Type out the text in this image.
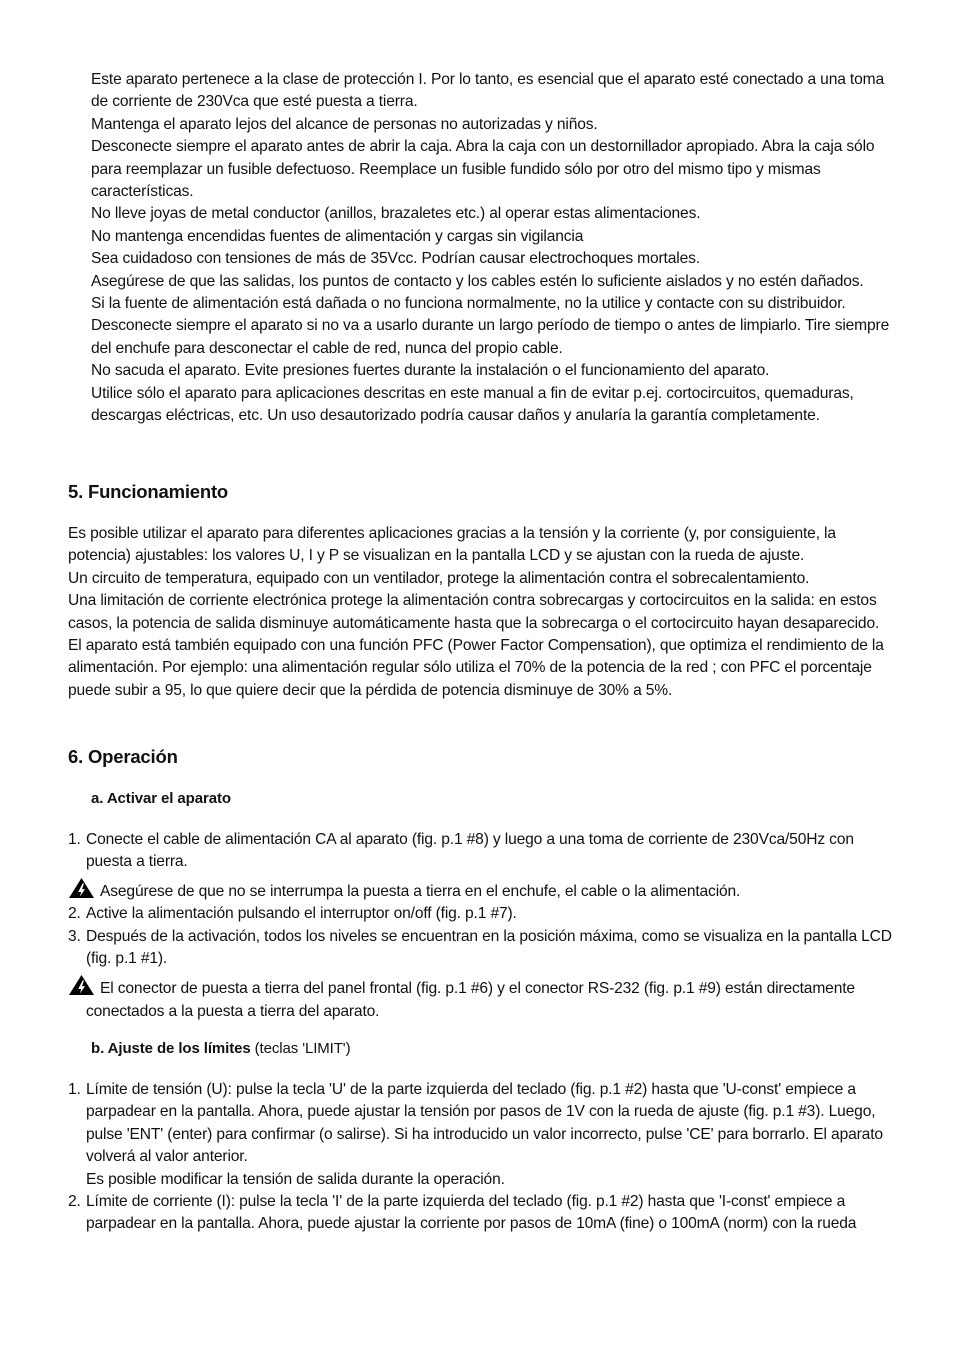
Este aparato pertenece a la clase de protección I. Por lo tanto, es esencial que el aparato esté conectado a una toma de corriente de 230Vca que esté puesta a tierra.

Mantenga el aparato lejos del alcance de personas no autorizadas y niños.

Desconecte siempre el aparato antes de abrir la caja. Abra la caja con un destornillador apropiado. Abra la caja sólo para reemplazar un fusible defectuoso. Reemplace un fusible fundido sólo por otro del mismo tipo y mismas características.

No lleve joyas de metal conductor (anillos, brazaletes etc.) al operar estas alimentaciones.

No mantenga encendidas fuentes de alimentación y cargas sin vigilancia

Sea cuidadoso con tensiones de más de 35Vcc. Podrían causar electrochoques mortales.

Asegúrese de que las salidas, los puntos de contacto y los cables estén lo suficiente aislados y no estén dañados.

Si la fuente de alimentación está dañada o no funciona normalmente, no la utilice y contacte con su distribuidor.

Desconecte siempre el aparato si no va a usarlo durante un largo período de tiempo o antes de limpiarlo. Tire siempre del enchufe para desconectar el cable de red, nunca del propio cable.

No sacuda el aparato. Evite presiones fuertes durante la instalación o el funcionamiento del aparato.

Utilice sólo el aparato para aplicaciones descritas en este manual a fin de evitar p.ej. cortocircuitos, quemaduras, descargas eléctricas, etc. Un uso desautorizado podría causar daños y anularía la garantía completamente.

5. Funcionamiento

Es posible utilizar el aparato para diferentes aplicaciones gracias a la tensión y la corriente (y, por consiguiente, la potencia) ajustables: los valores U, I y P se visualizan en la pantalla LCD y se ajustan con la rueda de ajuste.

Un circuito de temperatura, equipado con un ventilador, protege la alimentación contra el sobrecalentamiento.

Una limitación de corriente electrónica protege la alimentación contra sobrecargas y cortocircuitos en la salida: en estos casos, la potencia de salida disminuye automáticamente hasta que la sobrecarga o el cortocircuito hayan desaparecido.

El aparato está también equipado con una función PFC (Power Factor Compensation), que optimiza el rendimiento de la alimentación. Por ejemplo: una alimentación regular sólo utiliza el 70% de la potencia de la red ; con PFC el porcentaje puede subir a 95, lo que quiere decir que la pérdida de potencia disminuye de 30% a 5%.

6. Operación
a. Activar el aparato
1. Conecte el cable de alimentación CA al aparato (fig. p.1 #8) y luego a una toma de corriente de 230Vca/50Hz con puesta a tierra.
Asegúrese de que no se interrumpa la puesta a tierra en el enchufe, el cable o la alimentación.
2. Active la alimentación pulsando el interruptor on/off (fig. p.1 #7).
3. Después de la activación, todos los niveles se encuentran en la posición máxima, como se visualiza en la pantalla LCD (fig. p.1 #1).
El conector de puesta a tierra del panel frontal (fig. p.1 #6) y el conector RS-232 (fig. p.1 #9) están directamente conectados a la puesta a tierra del aparato.
b. Ajuste de los límites (teclas 'LIMIT')
1. Límite de tensión (U): pulse la tecla 'U' de la parte izquierda del teclado (fig. p.1 #2) hasta que 'U-const' empiece a parpadear en la pantalla. Ahora, puede ajustar la tensión por pasos de 1V con la rueda de ajuste (fig. p.1 #3). Luego, pulse 'ENT' (enter) para confirmar (o salirse). Si ha introducido un valor incorrecto, pulse 'CE' para borrarlo. El aparato volverá al valor anterior.
Es posible modificar la tensión de salida durante la operación.
2. Límite de corriente (I): pulse la tecla 'I' de la parte izquierda del teclado (fig. p.1 #2) hasta que 'I-const' empiece a parpadear en la pantalla. Ahora, puede ajustar la corriente por pasos de 10mA (fine) o 100mA (norm) con la rueda
